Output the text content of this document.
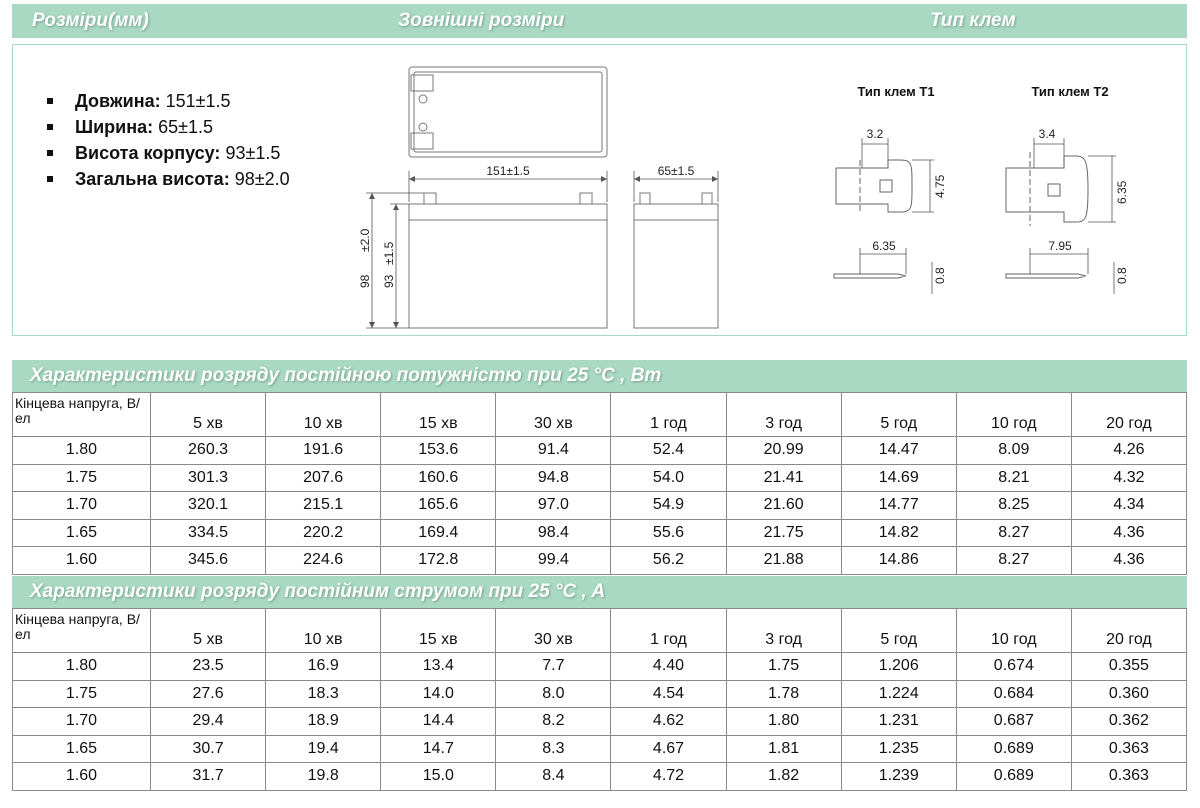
Розміри(мм)	Зовнішні розміри	Тип клем
Довжина: 151±1.5
Ширина: 65±1.5
Висота корпусу: 93±1.5
Загальна висота: 98±2.0	151±1.5	65±1.5
98
±2.0
93
±1.5
Тип клем T1	Тип клем T2
3.2
4.75
6.35
0.8
3.4
6.35
7.95
0.8
Характеристики розряду постійною потужністю при 25 °C , Вт
Кінцева напруга, В/ел	5 хв	10 хв	15 хв	30 хв	1 год	3 год	5 год	10 год	20 год
1.80	260.3	191.6	153.6	91.4	52.4	20.99	14.47	8.09	4.26
1.75	301.3	207.6	160.6	94.8	54.0	21.41	14.69	8.21	4.32
1.70	320.1	215.1	165.6	97.0	54.9	21.60	14.77	8.25	4.34
1.65	334.5	220.2	169.4	98.4	55.6	21.75	14.82	8.27	4.36
1.60	345.6	224.6	172.8	99.4	56.2	21.88	14.86	8.27	4.36
Характеристики розряду постійним струмом при 25 °C , A
Кінцева напруга, В/ел	5 хв	10 хв	15 хв	30 хв	1 год	3 год	5 год	10 год	20 год
1.80	23.5	16.9	13.4	7.7	4.40	1.75	1.206	0.674	0.355
1.75	27.6	18.3	14.0	8.0	4.54	1.78	1.224	0.684	0.360
1.70	29.4	18.9	14.4	8.2	4.62	1.80	1.231	0.687	0.362
1.65	30.7	19.4	14.7	8.3	4.67	1.81	1.235	0.689	0.363
1.60	31.7	19.8	15.0	8.4	4.72	1.82	1.239	0.689	0.363
